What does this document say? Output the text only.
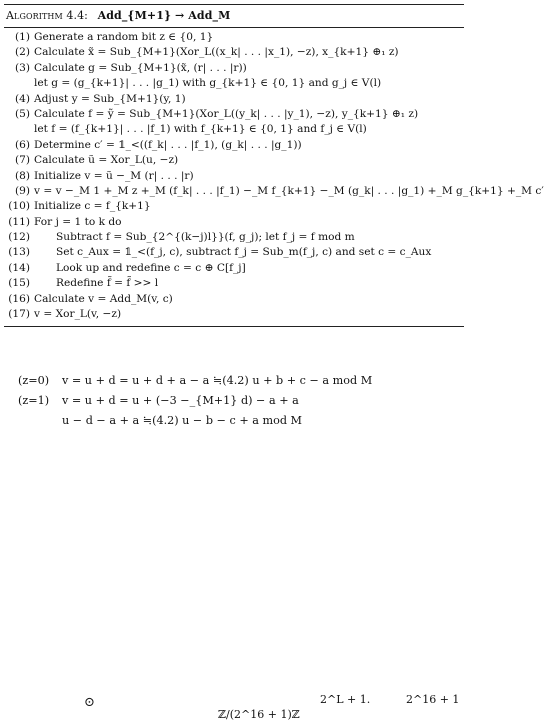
Algorithm 4.4: Add_{M+1} → Add_M
(1) Generate a random bit z ∈ {0, 1}
(2) Calculate x̃ = Sub_{M+1}(Xor_L((x_k| . . . |x_1), −z), x_{k+1} ⊕₁ z)
(3) Calculate g = Sub_{M+1}(x̃, (r| . . . |r))
let g = (g_{k+1}| . . . |g_1) with g_{k+1} ∈ {0, 1} and g_j ∈ V(l)
(4) Adjust y = Sub_{M+1}(y, 1)
(5) Calculate f = ỹ = Sub_{M+1}(Xor_L((y_k| . . . |y_1), −z), y_{k+1} ⊕₁ z)
let f = (f_{k+1}| . . . |f_1) with f_{k+1} ∈ {0, 1} and f_j ∈ V(l)
(6) Determine c′ = 𝟙_<((f_k| . . . |f_1), (g_k| . . . |g_1))
(7) Calculate ũ = Xor_L(u, −z)
(8) Initialize v = ũ −_M (r| . . . |r)
(9) v = v −_M 1 +_M z +_M (f_k| . . . |f_1) −_M f_{k+1} −_M (g_k| . . . |g_1) +_M g_{k+1} +_M c′
(10) Initialize c = f_{k+1}
(11) For j = 1 to k do
(12)	Subtract f = Sub_{2^{(k−j)l}}(f, g_j); let f_j = f mod m
(13)	Set c_Aux = 𝟙_<(f_j, c), subtract f_j = Sub_m(f_j, c) and set c = c_Aux
(14)	Look up and redefine c = c ⊕ C[f_j]
(15)	Redefine f̃ = f̃ >> l
(16) Calculate v = Add_M(v, c)
(17) v = Xor_L(v, −z)
(z=0)	v = u + d = u + d + a − a ≒(4.2) u + b + c − a mod M
(z=1)	v = u + d = u + (−3 −_{M+1} d) − a + a
u − d − a + a ≒(4.2) u − b − c + a mod M
⊙	2^L + 1.	2^16 + 1
ℤ/(2^16 + 1)ℤ
